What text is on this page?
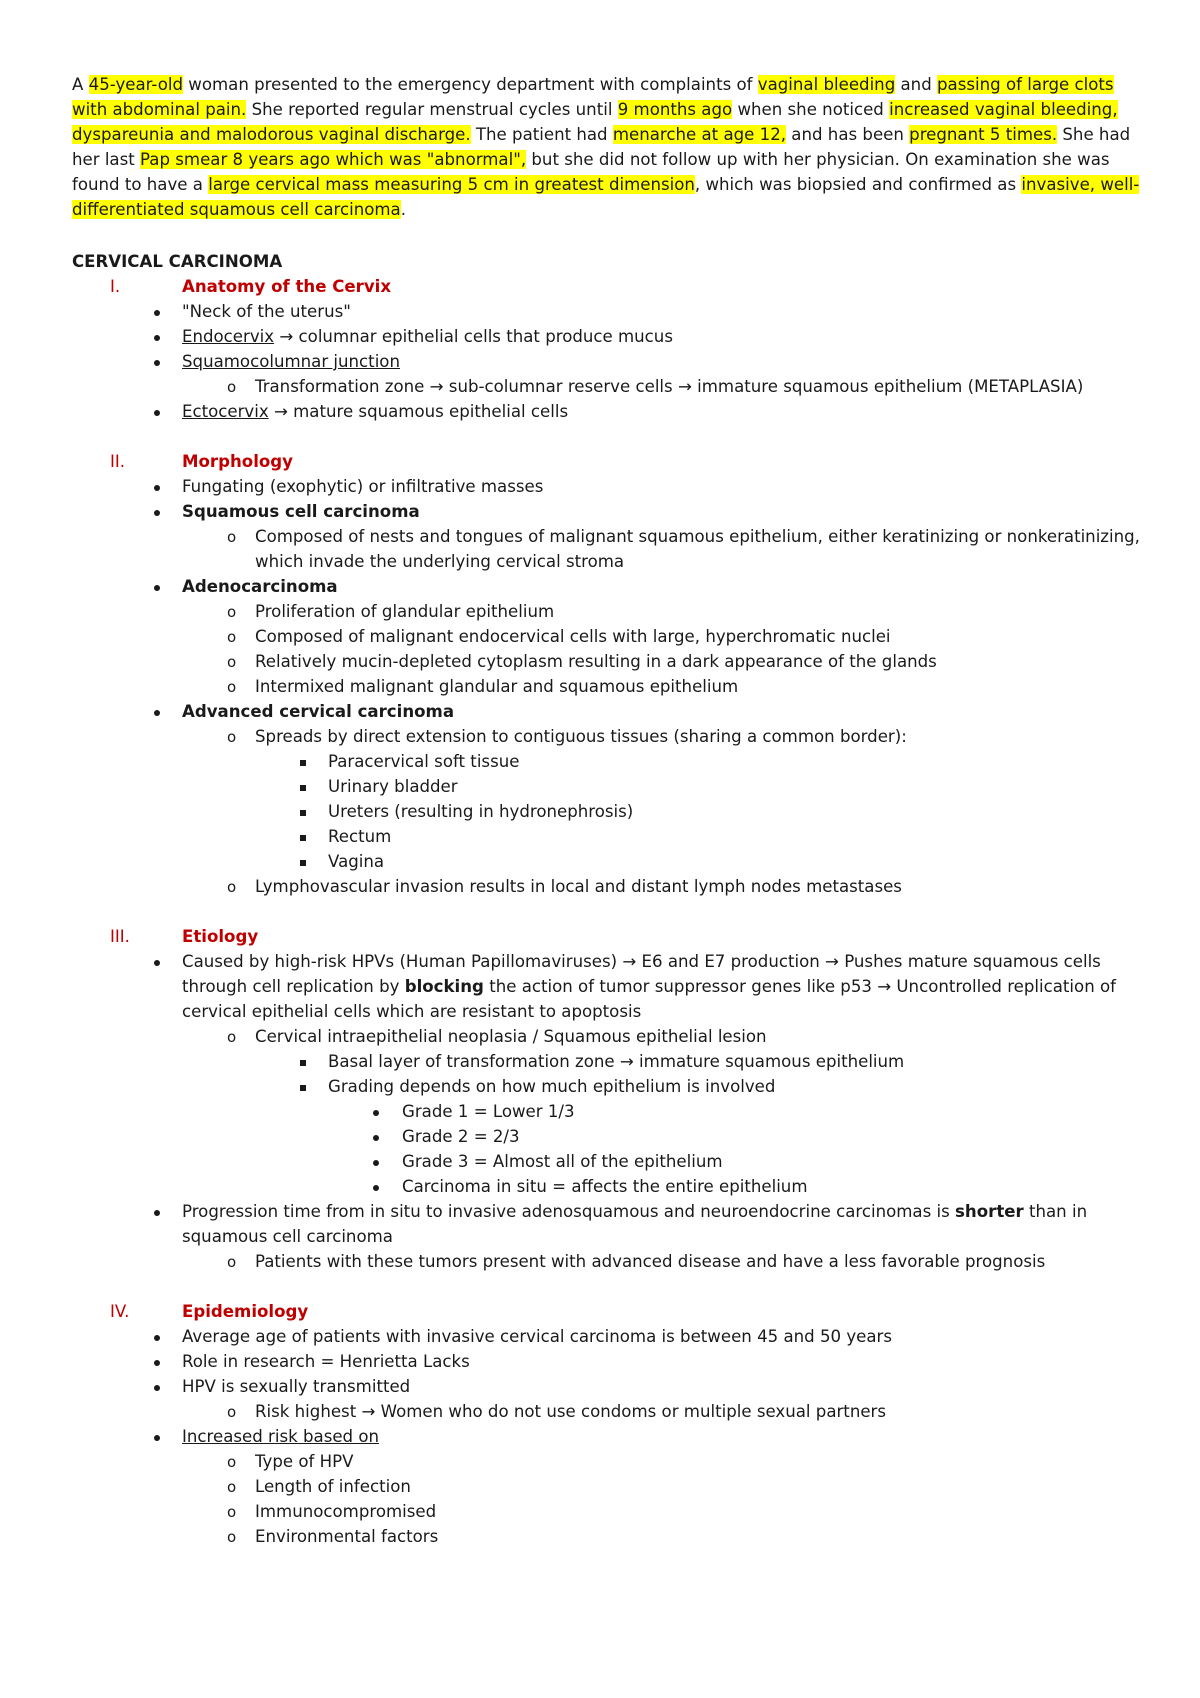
A 45-year-old woman presented to the emergency department with complaints of vaginal bleeding and passing of large clots with abdominal pain. She reported regular menstrual cycles until 9 months ago when she noticed increased vaginal bleeding, dyspareunia and malodorous vaginal discharge. The patient had menarche at age 12, and has been pregnant 5 times. She had her last Pap smear 8 years ago which was "abnormal", but she did not follow up with her physician. On examination she was found to have a large cervical mass measuring 5 cm in greatest dimension, which was biopsied and confirmed as invasive, well-differentiated squamous cell carcinoma.

CERVICAL CARCINOMA
I.	Anatomy of the Cervix
"Neck of the uterus"
Endocervix → columnar epithelial cells that produce mucus
Squamocolumnar junction
o Transformation zone → sub-columnar reserve cells → immature squamous epithelium (METAPLASIA)
Ectocervix → mature squamous epithelial cells
II.	Morphology
Fungating (exophytic) or infiltrative masses
Squamous cell carcinoma
o Composed of nests and tongues of malignant squamous epithelium, either keratinizing or nonkeratinizing, which invade the underlying cervical stroma
Adenocarcinoma
o Proliferation of glandular epithelium
o Composed of malignant endocervical cells with large, hyperchromatic nuclei
o Relatively mucin-depleted cytoplasm resulting in a dark appearance of the glands
o Intermixed malignant glandular and squamous epithelium
Advanced cervical carcinoma
o Spreads by direct extension to contiguous tissues (sharing a common border):
Paracervical soft tissue
Urinary bladder
Ureters (resulting in hydronephrosis)
Rectum
Vagina
o Lymphovascular invasion results in local and distant lymph nodes metastases
III.	Etiology
Caused by high-risk HPVs (Human Papillomaviruses) → E6 and E7 production → Pushes mature squamous cells through cell replication by blocking the action of tumor suppressor genes like p53 → Uncontrolled replication of cervical epithelial cells which are resistant to apoptosis
o Cervical intraepithelial neoplasia / Squamous epithelial lesion
Basal layer of transformation zone → immature squamous epithelium
Grading depends on how much epithelium is involved
Grade 1 = Lower 1/3
Grade 2 = 2/3
Grade 3 = Almost all of the epithelium
Carcinoma in situ = affects the entire epithelium
Progression time from in situ to invasive adenosquamous and neuroendocrine carcinomas is shorter than in squamous cell carcinoma
o Patients with these tumors present with advanced disease and have a less favorable prognosis
IV.	Epidemiology
Average age of patients with invasive cervical carcinoma is between 45 and 50 years
Role in research = Henrietta Lacks
HPV is sexually transmitted
o Risk highest → Women who do not use condoms or multiple sexual partners
Increased risk based on
o Type of HPV
o Length of infection
o Immunocompromised
o Environmental factors
